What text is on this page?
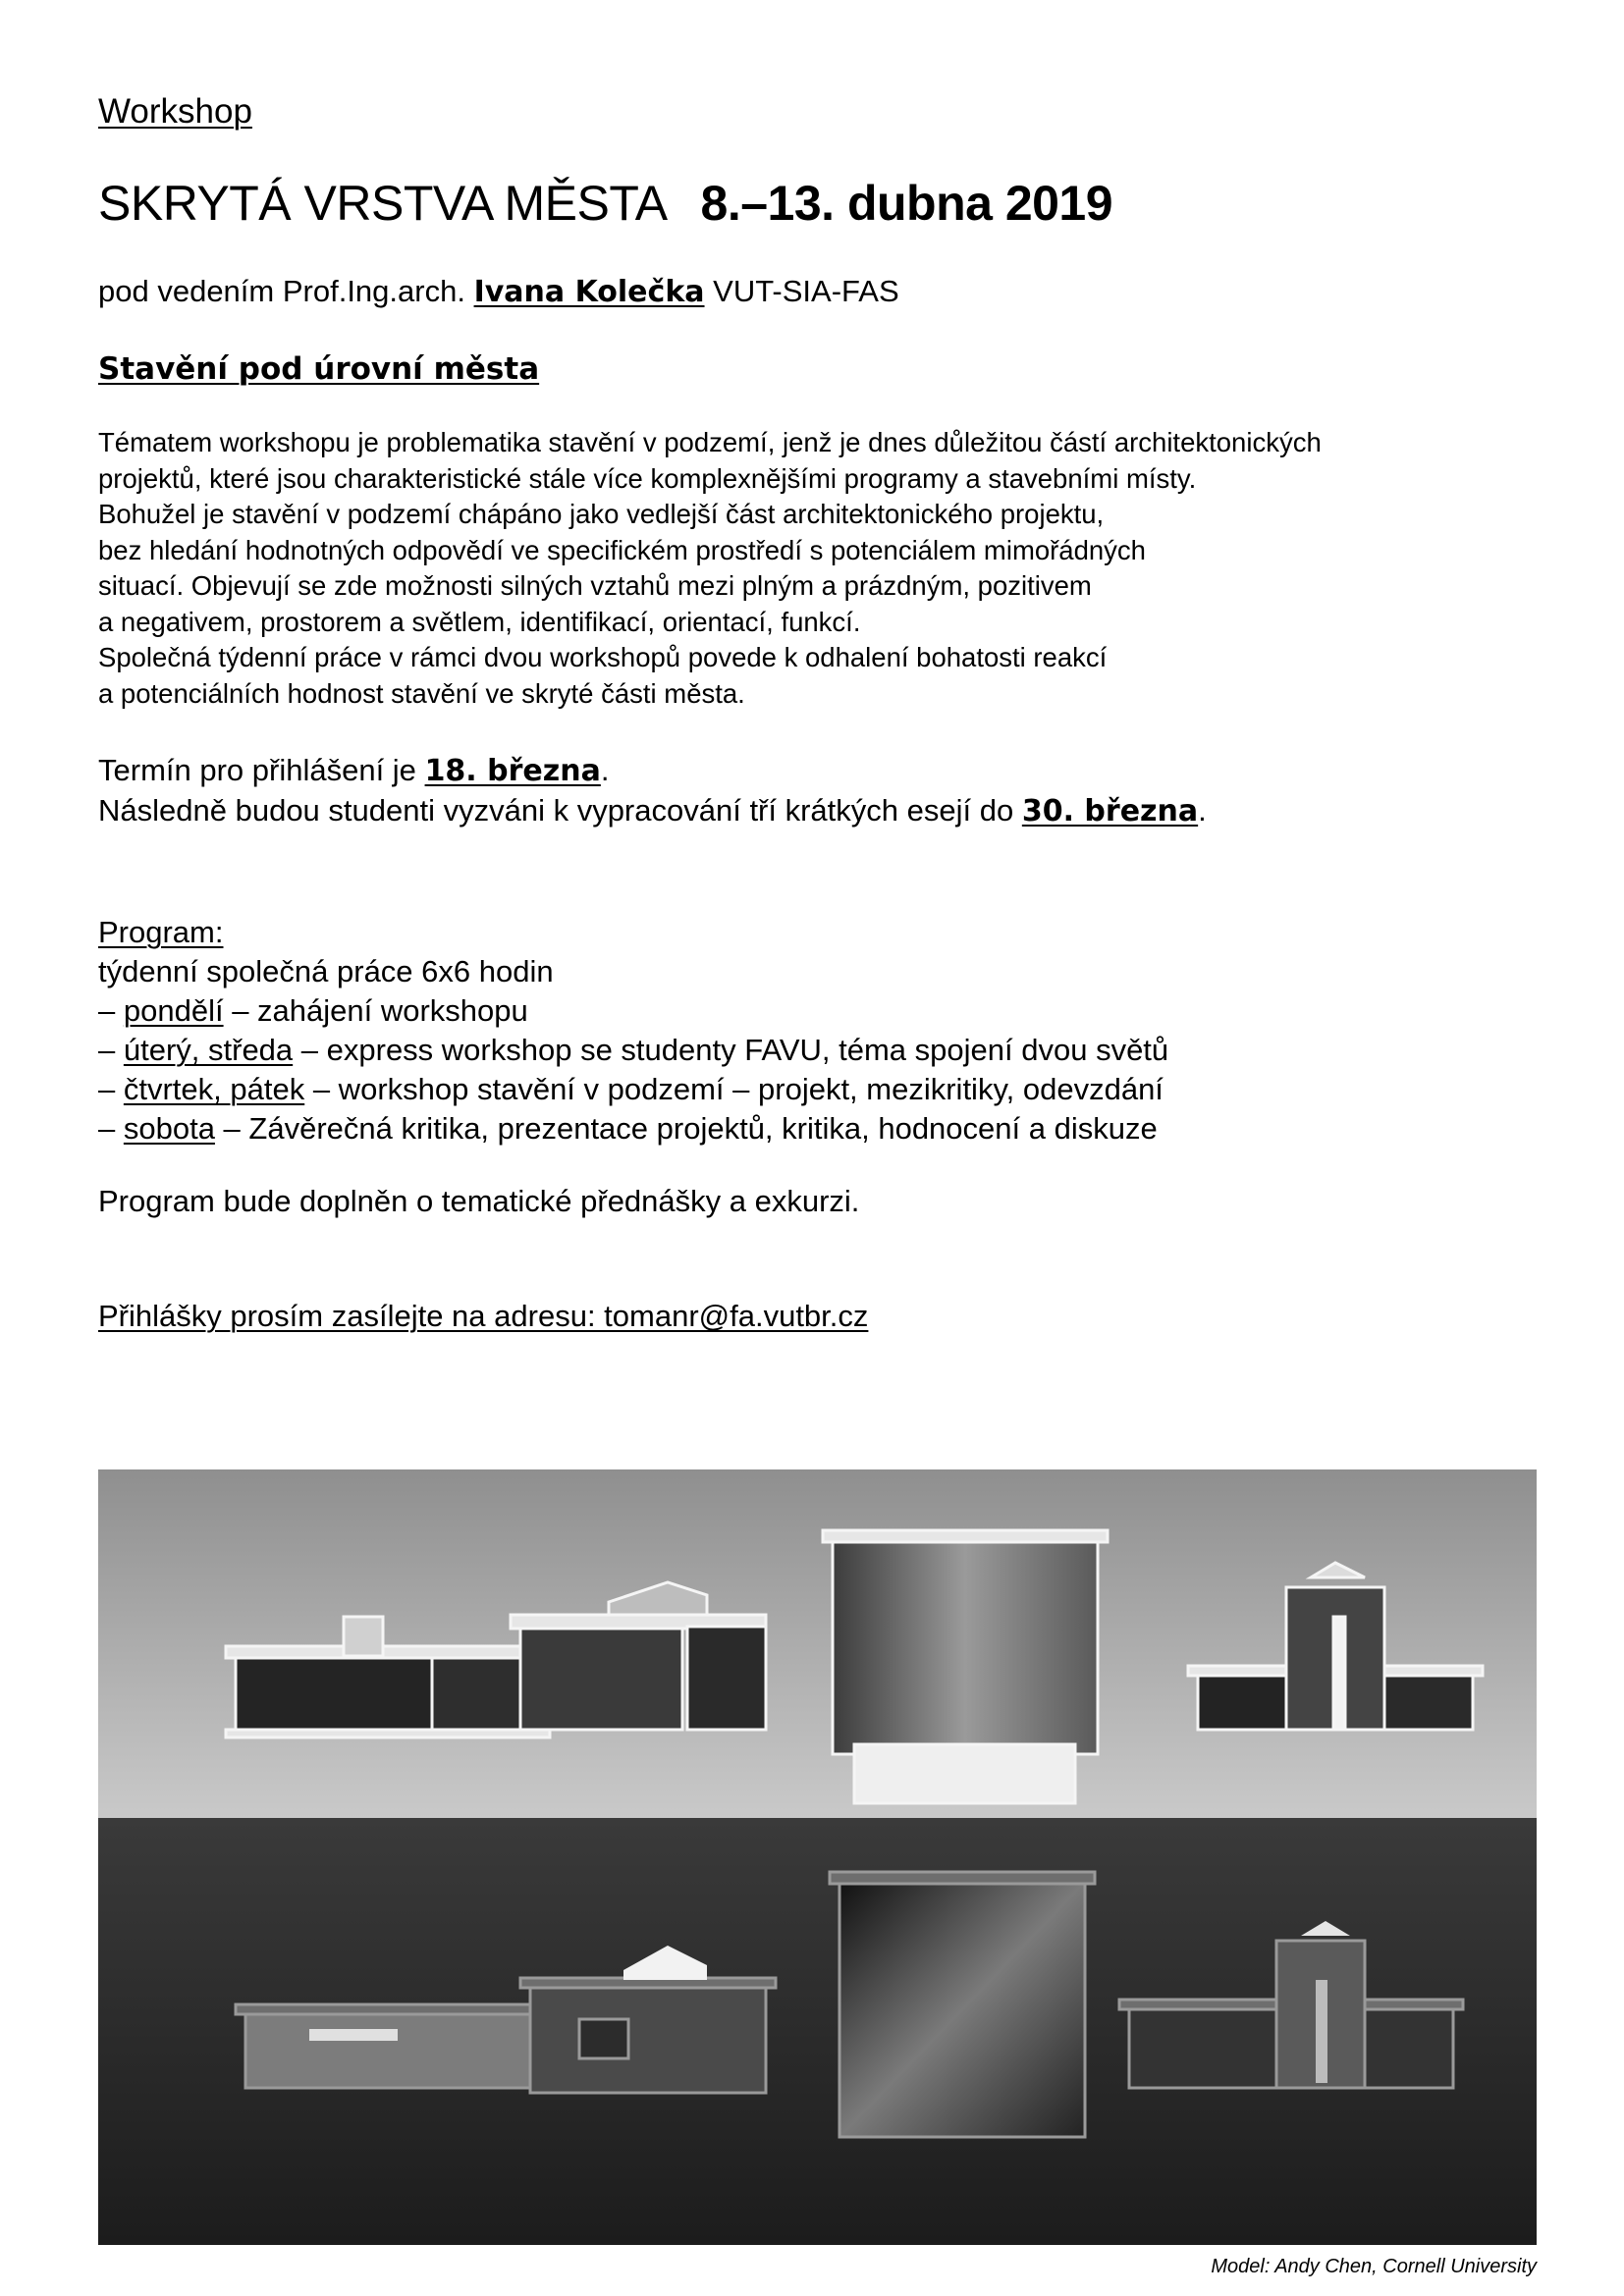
Workshop
SKRYTÁ VRSTVA MĚSTA 8.–13. dubna 2019
pod vedením Prof.Ing.arch. Ivana Kolečka VUT-SIA-FAS
Stavění pod úrovní města
Tématem workshopu je problematika stavění v podzemí, jenž je dnes důležitou částí architektonických
projektů, které jsou charakteristické stále více komplexnějšími programy a stavebními místy.
Bohužel je stavění v podzemí chápáno jako vedlejší část architektonického projektu,
bez hledání hodnotných odpovědí ve specifickém prostředí s potenciálem mimořádných
situací. Objevují se zde možnosti silných vztahů mezi plným a prázdným, pozitivem
a negativem, prostorem a světlem, identifikací, orientací, funkcí.
Společná týdenní práce v rámci dvou workshopů povede k odhalení bohatosti reakcí
a potenciálních hodnost stavění ve skryté části města.
Termín pro přihlášení je 18. března.
Následně budou studenti vyzváni k vypracování tří krátkých esejí do 30. března.
Program:
týdenní společná práce 6x6 hodin
– pondělí – zahájení workshopu
– úterý, středa – express workshop se studenty FAVU, téma spojení dvou světů
– čtvrtek, pátek – workshop stavění v podzemí – projekt, mezikritiky, odevzdání
– sobota – Závěrečná kritika, prezentace projektů, kritika, hodnocení a diskuze
Program bude doplněn o tematické přednášky a exkurzi.
Přihlášky prosím zasílejte na adresu: tomanr@fa.vutbr.cz
Model: Andy Chen, Cornell University
